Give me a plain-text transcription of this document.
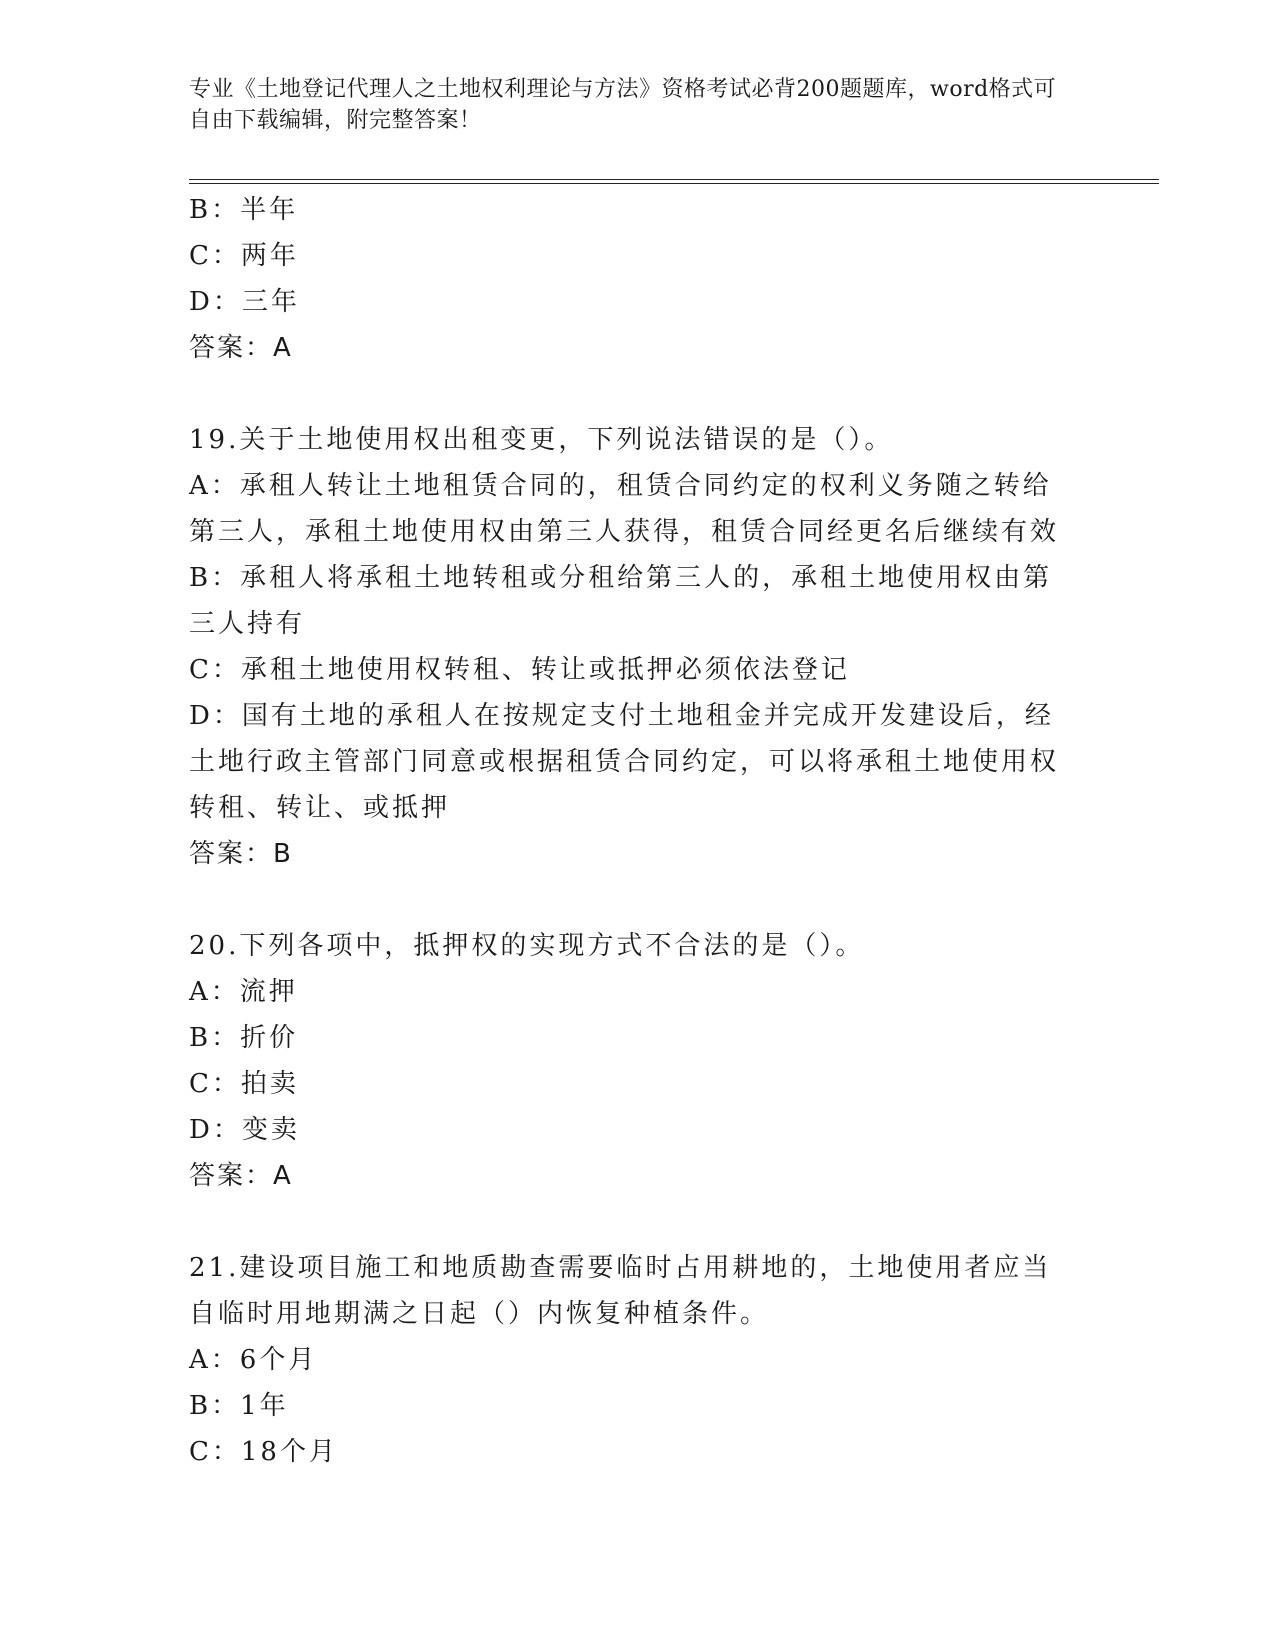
专业《土地登记代理人之土地权利理论与方法》资格考试必背200题题库，word格式可自由下载编辑，附完整答案！

B：半年

C：两年

D：三年

答案：A

19.关于土地使用权出租变更，下列说法错误的是（）。

A：承租人转让土地租赁合同的，租赁合同约定的权利义务随之转给第三人，承租土地使用权由第三人获得，租赁合同经更名后继续有效

B：承租人将承租土地转租或分租给第三人的，承租土地使用权由第三人持有

C：承租土地使用权转租、转让或抵押必须依法登记

D：国有土地的承租人在按规定支付土地租金并完成开发建设后，经土地行政主管部门同意或根据租赁合同约定，可以将承租土地使用权转租、转让、或抵押

答案：B

20.下列各项中，抵押权的实现方式不合法的是（）。

A：流押

B：折价

C：拍卖

D：变卖

答案：A

21.建设项目施工和地质勘查需要临时占用耕地的，土地使用者应当自临时用地期满之日起（）内恢复种植条件。

A：6个月

B：1年

C：18个月
